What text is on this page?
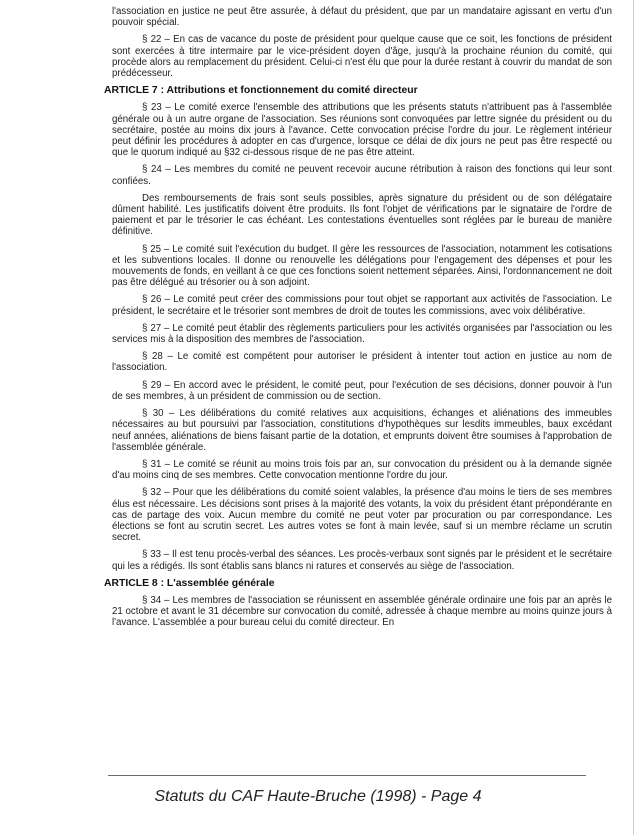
l'association en justice ne peut être assurée, à défaut du président, que par un mandataire agissant en vertu d'un pouvoir spécial.

§ 22 – En cas de vacance du poste de président pour quelque cause que ce soit, les fonctions de président sont exercées à titre intermaire par le vice-président doyen d'âge, jusqu'à la prochaine réunion du comité, qui procède alors au remplacement du président. Celui-ci n'est élu que pour la durée restant à couvrir du mandat de son prédécesseur.

ARTICLE 7 : Attributions et fonctionnement du comité directeur

§ 23 – Le comité exerce l'ensemble des attributions que les présents statuts n'attribuent pas à l'assemblée générale ou à un autre organe de l'association. Ses réunions sont convoquées par lettre signée du président ou du secrétaire, postée au moins dix jours à l'avance. Cette convocation précise l'ordre du jour. Le règlement intérieur peut définir les procédures à adopter en cas d'urgence, lorsque ce délai de dix jours ne peut pas être respecté ou que le quorum indiqué au §32 ci-dessous risque de ne pas être atteint.

§ 24 – Les membres du comité ne peuvent recevoir aucune rétribution à raison des fonctions qui leur sont confiées.

Des remboursements de frais sont seuls possibles, après signature du président ou de son délégataire dûment habilité. Les justificatifs doivent être produits. Ils font l'objet de vérifications par le signataire de l'ordre de paiement et par le trésorier le cas échéant. Les contestations éventuelles sont réglées par le bureau de manière définitive.

§ 25 – Le comité suit l'exécution du budget. Il gère les ressources de l'association, notamment les cotisations et les subventions locales. Il donne ou renouvelle les délégations pour l'engagement des dépenses et pour les mouvements de fonds, en veillant à ce que ces fonctions soient nettement séparées. Ainsi, l'ordonnancement ne doit pas être délégué au trésorier ou à son adjoint.

§ 26 – Le comité peut créer des commissions pour tout objet se rapportant aux activités de l'association. Le président, le secrétaire et le trésorier sont membres de droit de toutes les commissions, avec voix délibérative.

§ 27 – Le comité peut établir des règlements particuliers pour les activités organisées par l'association ou les services mis à la disposition des membres de l'association.

§ 28 – Le comité est compétent pour autoriser le président à intenter tout action en justice au nom de l'association.

§ 29 – En accord avec le président, le comité peut, pour l'exécution de ses décisions, donner pouvoir à l'un de ses membres, à un président de commission ou de section.

§ 30 – Les délibérations du comité relatives aux acquisitions, échanges et aliénations des immeubles nécessaires au but poursuivi par l'association, constitutions d'hypothèques sur lesdits immeubles, baux excédant neuf années, aliénations de biens faisant partie de la dotation, et emprunts doivent être soumises à l'approbation de l'assemblée générale.

§ 31 – Le comité se réunit au moins trois fois par an, sur convocation du président ou à la demande signée d'au moins cinq de ses membres. Cette convocation mentionne l'ordre du jour.

§ 32 – Pour que les délibérations du comité soient valables, la présence d'au moins le tiers de ses membres élus est nécessaire. Les décisions sont prises à la majorité des votants, la voix du président étant prépondérante en cas de partage des voix. Aucun membre du comité ne peut voter par procuration ou par correspondance. Les élections se font au scrutin secret. Les autres votes se font à main levée, sauf si un membre réclame un scrutin secret.

§ 33 – Il est tenu procès-verbal des séances. Les procès-verbaux sont signés par le président et le secrétaire qui les a rédigés. Ils sont établis sans blancs ni ratures et conservés au siège de l'association.

ARTICLE 8 : L'assemblée générale

§ 34 – Les membres de l'association se réunissent en assemblée générale ordinaire une fois par an après le 21 octobre et avant le 31 décembre sur convocation du comité, adressée à chaque membre au moins quinze jours à l'avance. L'assemblée a pour bureau celui du comité directeur. En

Statuts du CAF Haute-Bruche (1998) - Page 4
